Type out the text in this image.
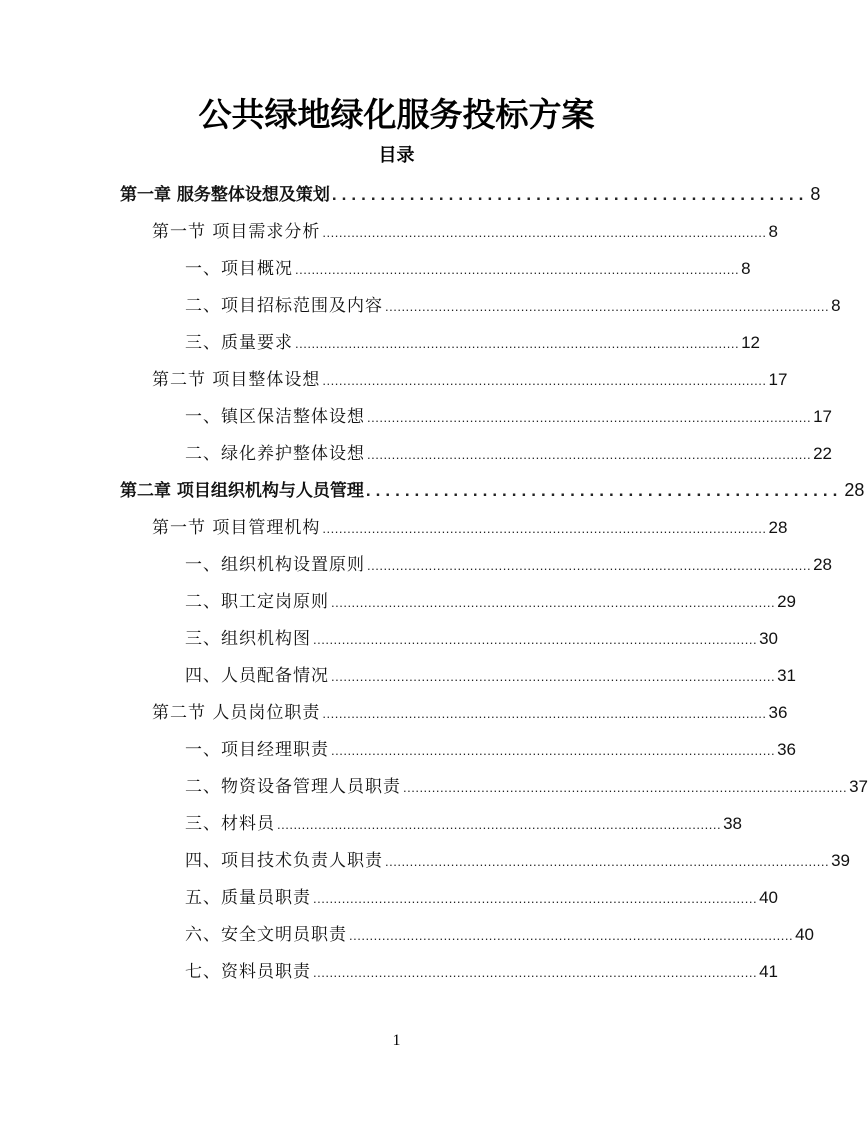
公共绿地绿化服务投标方案
目录
第一章 服务整体设想及策划 ................................................. 8
第一节 项目需求分析 ............................................................................................................ 8
一、项目概况 ............................................................................................................ 8
二、项目招标范围及内容 ............................................................................................................ 8
三、质量要求 ............................................................................................................ 12
第二节 项目整体设想 ............................................................................................................ 17
一、镇区保洁整体设想 ............................................................................................................ 17
二、绿化养护整体设想 ............................................................................................................ 22
第二章 项目组织机构与人员管理 ................................................. 28
第一节 项目管理机构 ............................................................................................................ 28
一、组织机构设置原则 ............................................................................................................ 28
二、职工定岗原则 ............................................................................................................ 29
三、组织机构图 ............................................................................................................ 30
四、人员配备情况 ............................................................................................................ 31
第二节 人员岗位职责 ............................................................................................................ 36
一、项目经理职责 ............................................................................................................ 36
二、物资设备管理人员职责 ............................................................................................................ 37
三、材料员 ............................................................................................................ 38
四、项目技术负责人职责 ............................................................................................................ 39
五、质量员职责 ............................................................................................................ 40
六、安全文明员职责 ............................................................................................................ 40
七、资料员职责 ............................................................................................................ 41
1
